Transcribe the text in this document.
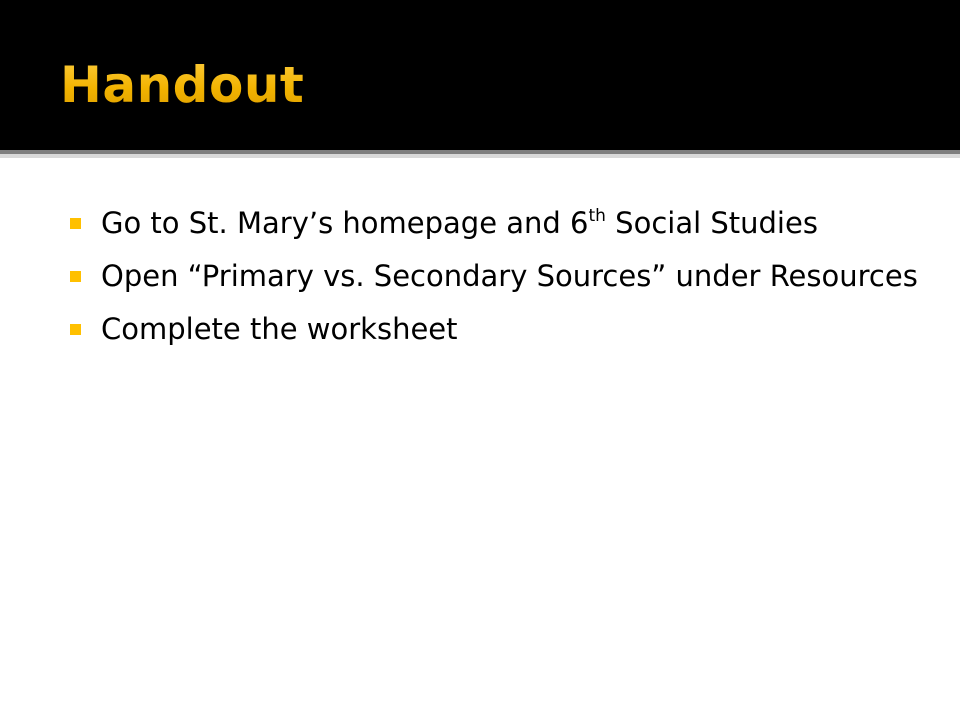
Handout
Go to St. Mary’s homepage and 6th Social Studies
Open “Primary vs. Secondary Sources” under Resources
Complete the worksheet
